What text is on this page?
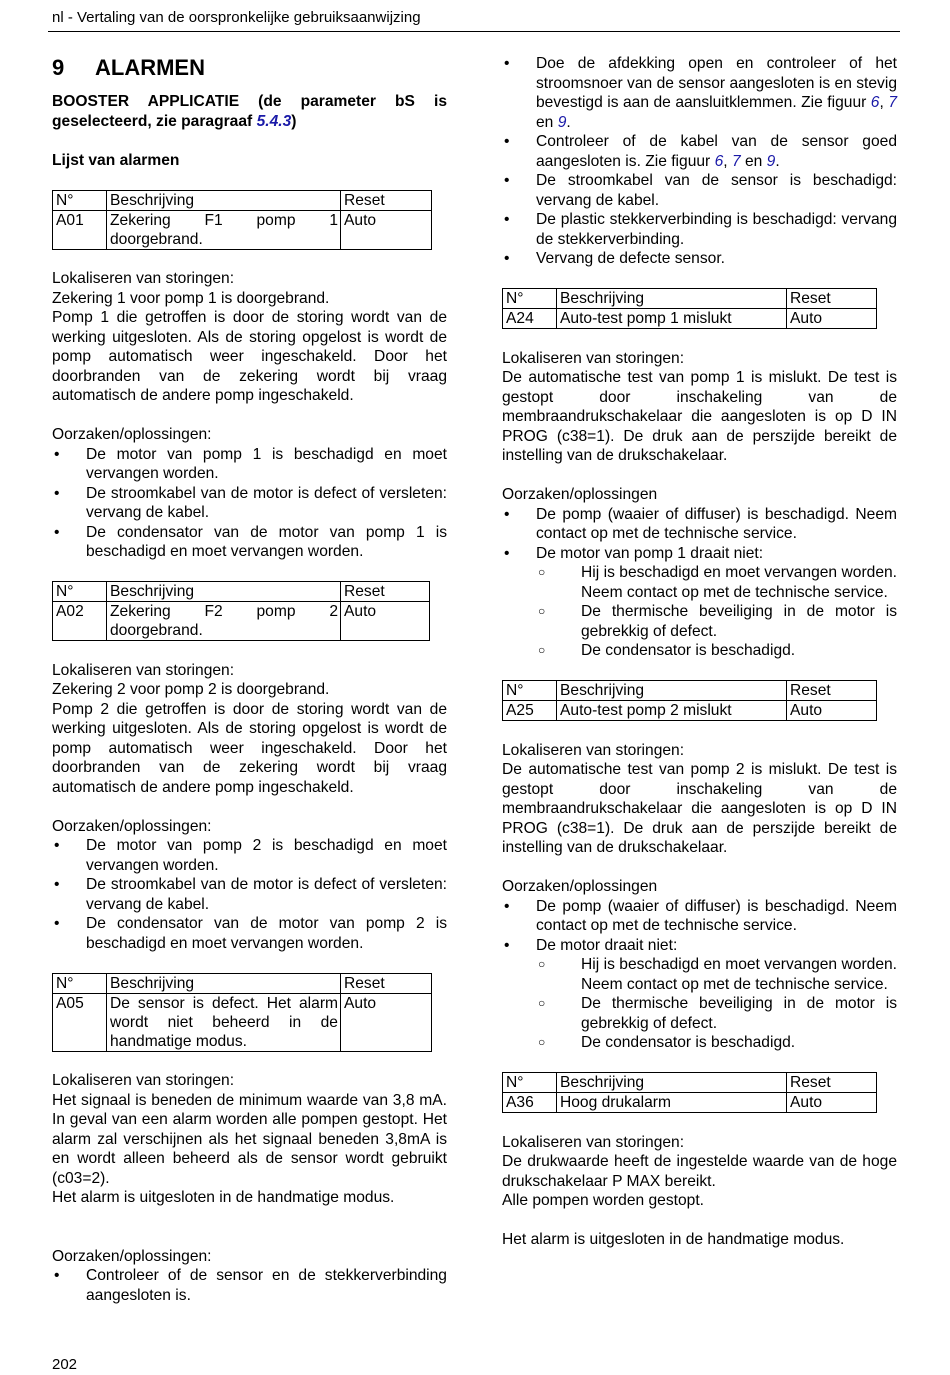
nl - Vertaling van de oorspronkelijke gebruiksaanwijzing
9 ALARMEN

BOOSTER APPLICATIE (de parameter bS is geselecteerd, zie paragraaf 5.4.3)

Lijst van alarmen

N°	Beschrijving	Reset
A01	Zekering F1 pomp 1 doorgebrand.	Auto

Lokaliseren van storingen:

Zekering 1 voor pomp 1 is doorgebrand.

Pomp 1 die getroffen is door de storing wordt van de werking uitgesloten. Als de storing opgelost is wordt de pomp automatisch weer ingeschakeld. Door het doorbranden van de zekering wordt bij vraag automatisch de andere pomp ingeschakeld.

Oorzaken/oplossingen:

• De motor van pomp 1 is beschadigd en moet vervangen worden.
• De stroomkabel van de motor is defect of versleten: vervang de kabel.
• De condensator van de motor van pomp 1 is beschadigd en moet vervangen worden.
N°	Beschrijving	Reset
A02	Zekering F2 pomp 2 doorgebrand.	Auto

Lokaliseren van storingen:

Zekering 2 voor pomp 2 is doorgebrand.

Pomp 2 die getroffen is door de storing wordt van de werking uitgesloten. Als de storing opgelost is wordt de pomp automatisch weer ingeschakeld. Door het doorbranden van de zekering wordt bij vraag automatisch de andere pomp ingeschakeld.

Oorzaken/oplossingen:

• De motor van pomp 2 is beschadigd en moet vervangen worden.
• De stroomkabel van de motor is defect of versleten: vervang de kabel.
• De condensator van de motor van pomp 2 is beschadigd en moet vervangen worden.
N°	Beschrijving	Reset
A05	De sensor is defect. Het alarm wordt niet beheerd in de handmatige modus.	Auto

Lokaliseren van storingen:

Het signaal is beneden de minimum waarde van 3,8 mA. In geval van een alarm worden alle pompen gestopt. Het alarm zal verschijnen als het signaal beneden 3,8mA is en wordt alleen beheerd als de sensor wordt gebruikt (c03=2).

Het alarm is uitgesloten in de handmatige modus.

Oorzaken/oplossingen:

• Controleer of de sensor en de stekkerverbinding aangesloten is.
• Doe de afdekking open en controleer of het stroomsnoer van de sensor aangesloten is en stevig bevestigd is aan de aansluitklemmen. Zie figuur 6, 7 en 9.
• Controleer of de kabel van de sensor goed aangesloten is. Zie figuur 6, 7 en 9.
• De stroomkabel van de sensor is beschadigd: vervang de kabel.
• De plastic stekkerverbinding is beschadigd: vervang de stekkerverbinding.
• Vervang de defecte sensor.
N°	Beschrijving	Reset
A24	Auto-test pomp 1 mislukt	Auto

Lokaliseren van storingen:

De automatische test van pomp 1 is mislukt. De test is gestopt door inschakeling van de membraandrukschakelaar die aangesloten is op D IN PROG (c38=1). De druk aan de perszijde bereikt de instelling van de drukschakelaar.

Oorzaken/oplossingen

• De pomp (waaier of diffuser) is beschadigd. Neem contact op met de technische service.
• De motor van pomp 1 draait niet:
○ Hij is beschadigd en moet vervangen worden. Neem contact op met de technische service.
○ De thermische beveiliging in de motor is gebrekkig of defect.
○ De condensator is beschadigd.
N°	Beschrijving	Reset
A25	Auto-test pomp 2 mislukt	Auto

Lokaliseren van storingen:

De automatische test van pomp 2 is mislukt. De test is gestopt door inschakeling van de membraandrukschakelaar die aangesloten is op D IN PROG (c38=1). De druk aan de perszijde bereikt de instelling van de drukschakelaar.

Oorzaken/oplossingen

• De pomp (waaier of diffuser) is beschadigd. Neem contact op met de technische service.
• De motor draait niet:
○ Hij is beschadigd en moet vervangen worden. Neem contact op met de technische service.
○ De thermische beveiliging in de motor is gebrekkig of defect.
○ De condensator is beschadigd.
N°	Beschrijving	Reset
A36	Hoog drukalarm	Auto

Lokaliseren van storingen:

De drukwaarde heeft de ingestelde waarde van de hoge drukschakelaar P MAX bereikt.

Alle pompen worden gestopt.

Het alarm is uitgesloten in de handmatige modus.

202
